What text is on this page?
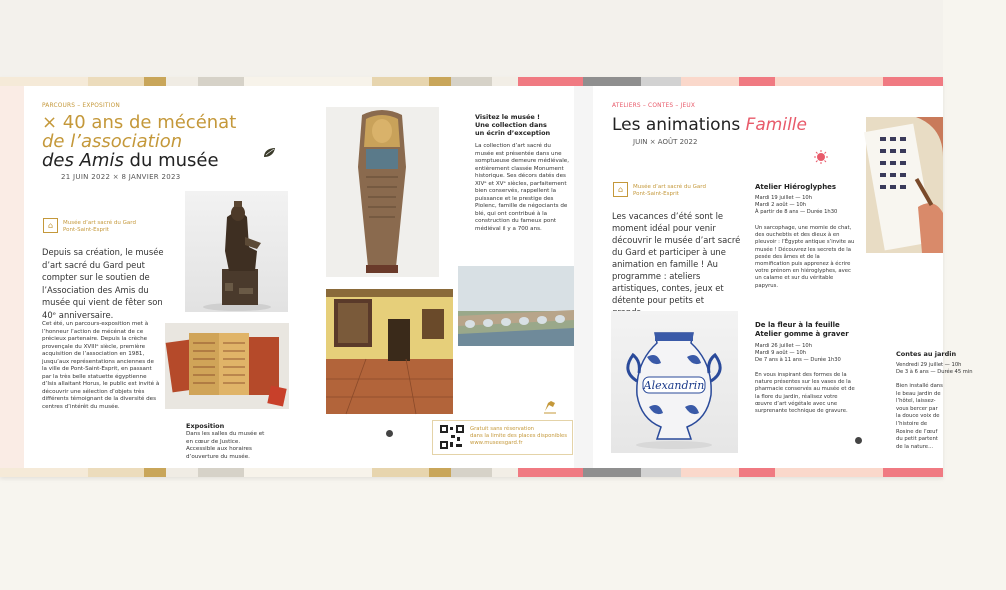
PARCOURS – EXPOSITION
× 40 ans de mécénat
de l’association
des Amis du musée
21 JUIN 2022 × 8 JANVIER 2023
⌂	Musée d’art sacré du Gard
Pont-Saint-Esprit
Depuis sa création, le musée d’art sacré du Gard peut compter sur le soutien de l’Association des Amis du musée qui vient de fêter son 40ᵉ anniversaire.
Cet été, un parcours-exposition met à l’honneur l’action de mécénat de ce précieux partenaire. Depuis la crèche provençale du XVIIIᵉ siècle, première acquisition de l’association en 1981, jusqu’aux représentations anciennes de la ville de Pont-Saint-Esprit, en passant par la très belle statuette égyptienne d’Isis allaitant Horus, le public est invité à découvrir une sélection d’objets très différents témoignant de la diversité des centres d’intérêt du musée.
Exposition
Dans les salles du musée et en cœur de Justice. Accessible aux horaires d’ouverture du musée.
Visitez le musée ! Une collection dans un écrin d’exception
La collection d’art sacré du musée est présentée dans une somptueuse demeure médiévale, entièrement classée Monument historique. Ses décors datés des XIVᵉ et XVᵉ siècles, parfaitement bien conservés, rappellent la puissance et le prestige des Piolenc, famille de négociants de blé, qui ont contribué à la construction du fameux pont médiéval il y a 700 ans.
Gratuit sans réservation
dans la limite des places disponibles
www.museesgard.fr
ATELIERS – CONTES – JEUX
Les animations Famille
JUIN × AOÛT 2022
⌂	Musée d’art sacré du Gard
Pont-Saint-Esprit
Les vacances d’été sont le moment idéal pour venir découvrir le musée d’art sacré du Gard et participer à une animation en famille ! Au programme : ateliers artistiques, contes, jeux et détente pour petits et
Alexandrin
Atelier Hiéroglyphes
Mardi 19 juillet — 10h
Mardi 2 août — 10h
À partir de 8 ans — Durée 1h30
Un sarcophage, une momie de chat, des ouchebtis et des dieux à en pleuvoir : l’Égypte antique s’invite au musée ! Découvrez les secrets de la pesée des âmes et de la momification puis apprenez à écrire votre prénom en hiéroglyphes, avec un calame et sur du véritable papyrus.
De la fleur à la feuille Atelier gomme à graver
Mardi 26 juillet — 10h
Mardi 9 août — 10h
De 7 ans à 11 ans — Durée 1h30
En vous inspirant des formes de la nature présentes sur les vases de la pharmacie conservés au musée et de la flore du jardin, réalisez votre œuvre d’art végétale avec une surprenante technique de gravure.
Contes au jardin
Vendredi 29 juillet — 10h
De 3 à 6 ans — Durée 45 min
Bien installé dans le beau jardin de l’hôtel, laissez-vous bercer par la douce voix de l’histoire de Rosine de l’œuf du petit partent de la nature...
